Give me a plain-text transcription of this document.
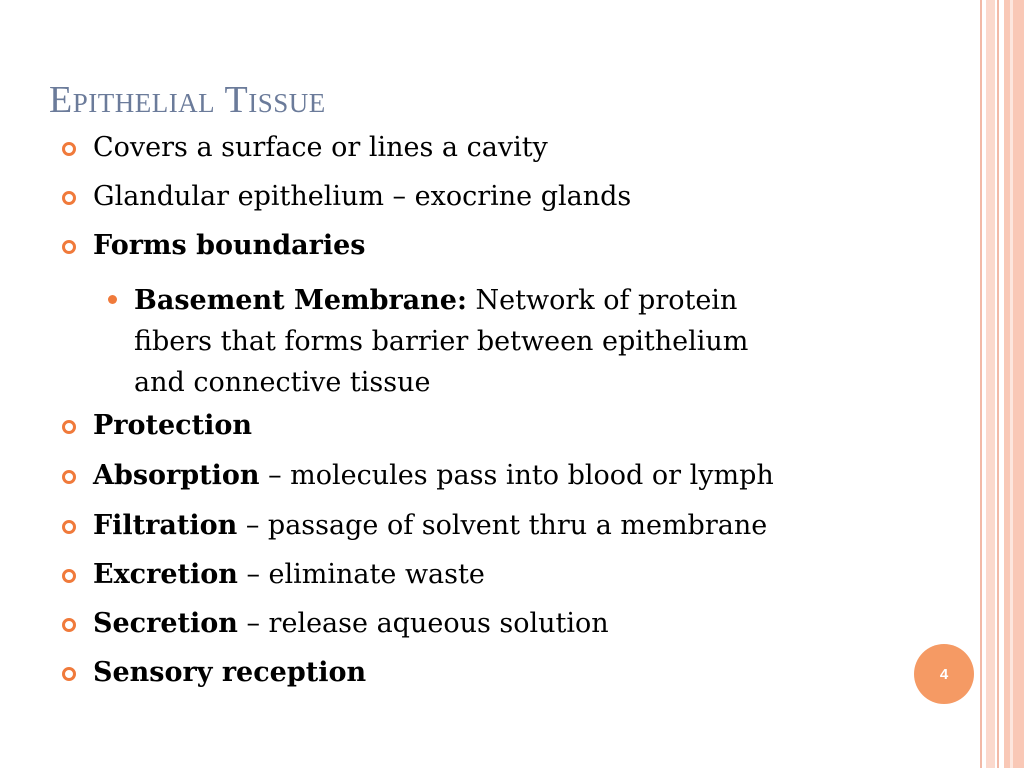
Epithelial Tissue
Covers a surface or lines a cavity
Glandular epithelium – exocrine glands
Forms boundaries
Basement Membrane: Network of protein
fibers that forms barrier between epithelium
and connective tissue
Protection
Absorption – molecules pass into blood or lymph
Filtration – passage of solvent thru a membrane
Excretion – eliminate waste
Secretion – release aqueous solution
Sensory reception	4
